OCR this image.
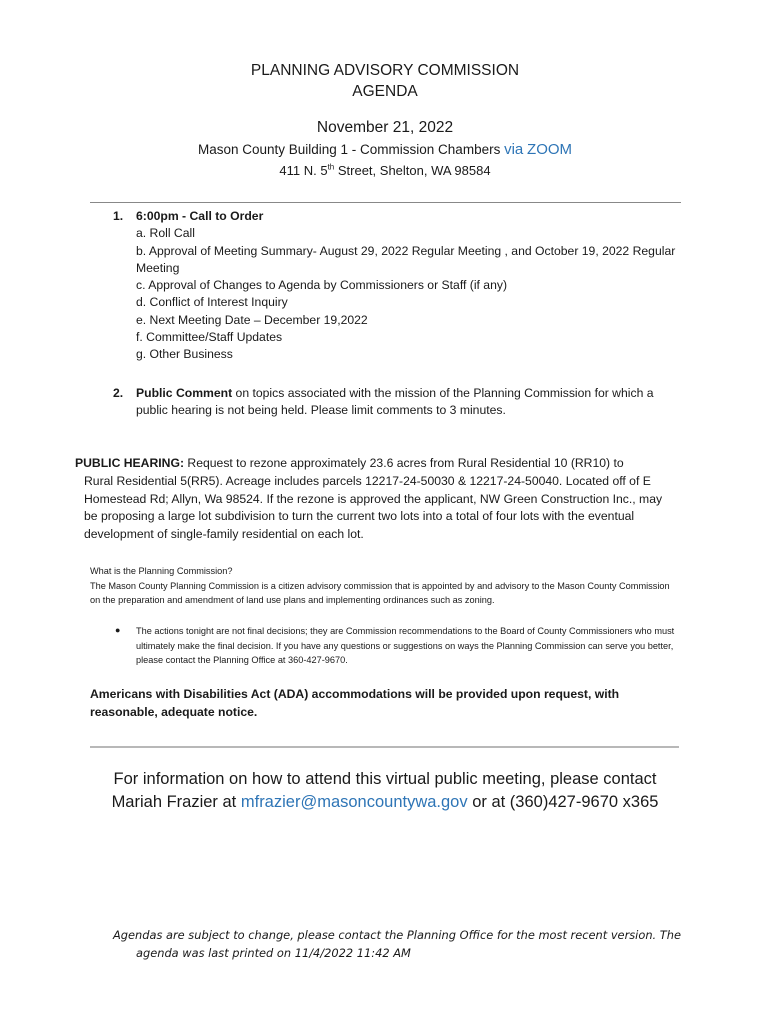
PLANNING ADVISORY COMMISSION
AGENDA
November 21, 2022
Mason County Building 1 - Commission Chambers via ZOOM
411 N. 5th Street, Shelton, WA 98584
1. 6:00pm - Call to Order
a. Roll Call
b. Approval of Meeting Summary- August 29, 2022 Regular Meeting , and October 19, 2022 Regular Meeting
c. Approval of Changes to Agenda by Commissioners or Staff (if any)
d. Conflict of Interest Inquiry
e. Next Meeting Date – December 19,2022
f. Committee/Staff Updates
g. Other Business
2. Public Comment on topics associated with the mission of the Planning Commission for which a public hearing is not being held. Please limit comments to 3 minutes.
PUBLIC HEARING: Request to rezone approximately 23.6 acres from Rural Residential 10 (RR10) to
Rural Residential 5(RR5). Acreage includes parcels 12217-24-50030 & 12217-24-50040. Located off of E Homestead Rd; Allyn, Wa 98524. If the rezone is approved the applicant, NW Green Construction Inc., may be proposing a large lot subdivision to turn the current two lots into a total of four lots with the eventual development of single-family residential on each lot.
What is the Planning Commission?
The Mason County Planning Commission is a citizen advisory commission that is appointed by and advisory to the Mason County Commission on the preparation and amendment of land use plans and implementing ordinances such as zoning.
● The actions tonight are not final decisions; they are Commission recommendations to the Board of County Commissioners who must ultimately make the final decision. If you have any questions or suggestions on ways the Planning Commission can serve you better, please contact the Planning Office at 360-427-9670.
Americans with Disabilities Act (ADA) accommodations will be provided upon request, with reasonable, adequate notice.
For information on how to attend this virtual public meeting, please contact
Mariah Frazier at mfrazier@masoncountywa.gov or at (360)427-9670 x365
Agendas are subject to change, please contact the Planning Office for the most recent version. The
agenda was last printed on 11/4/2022 11:42 AM
